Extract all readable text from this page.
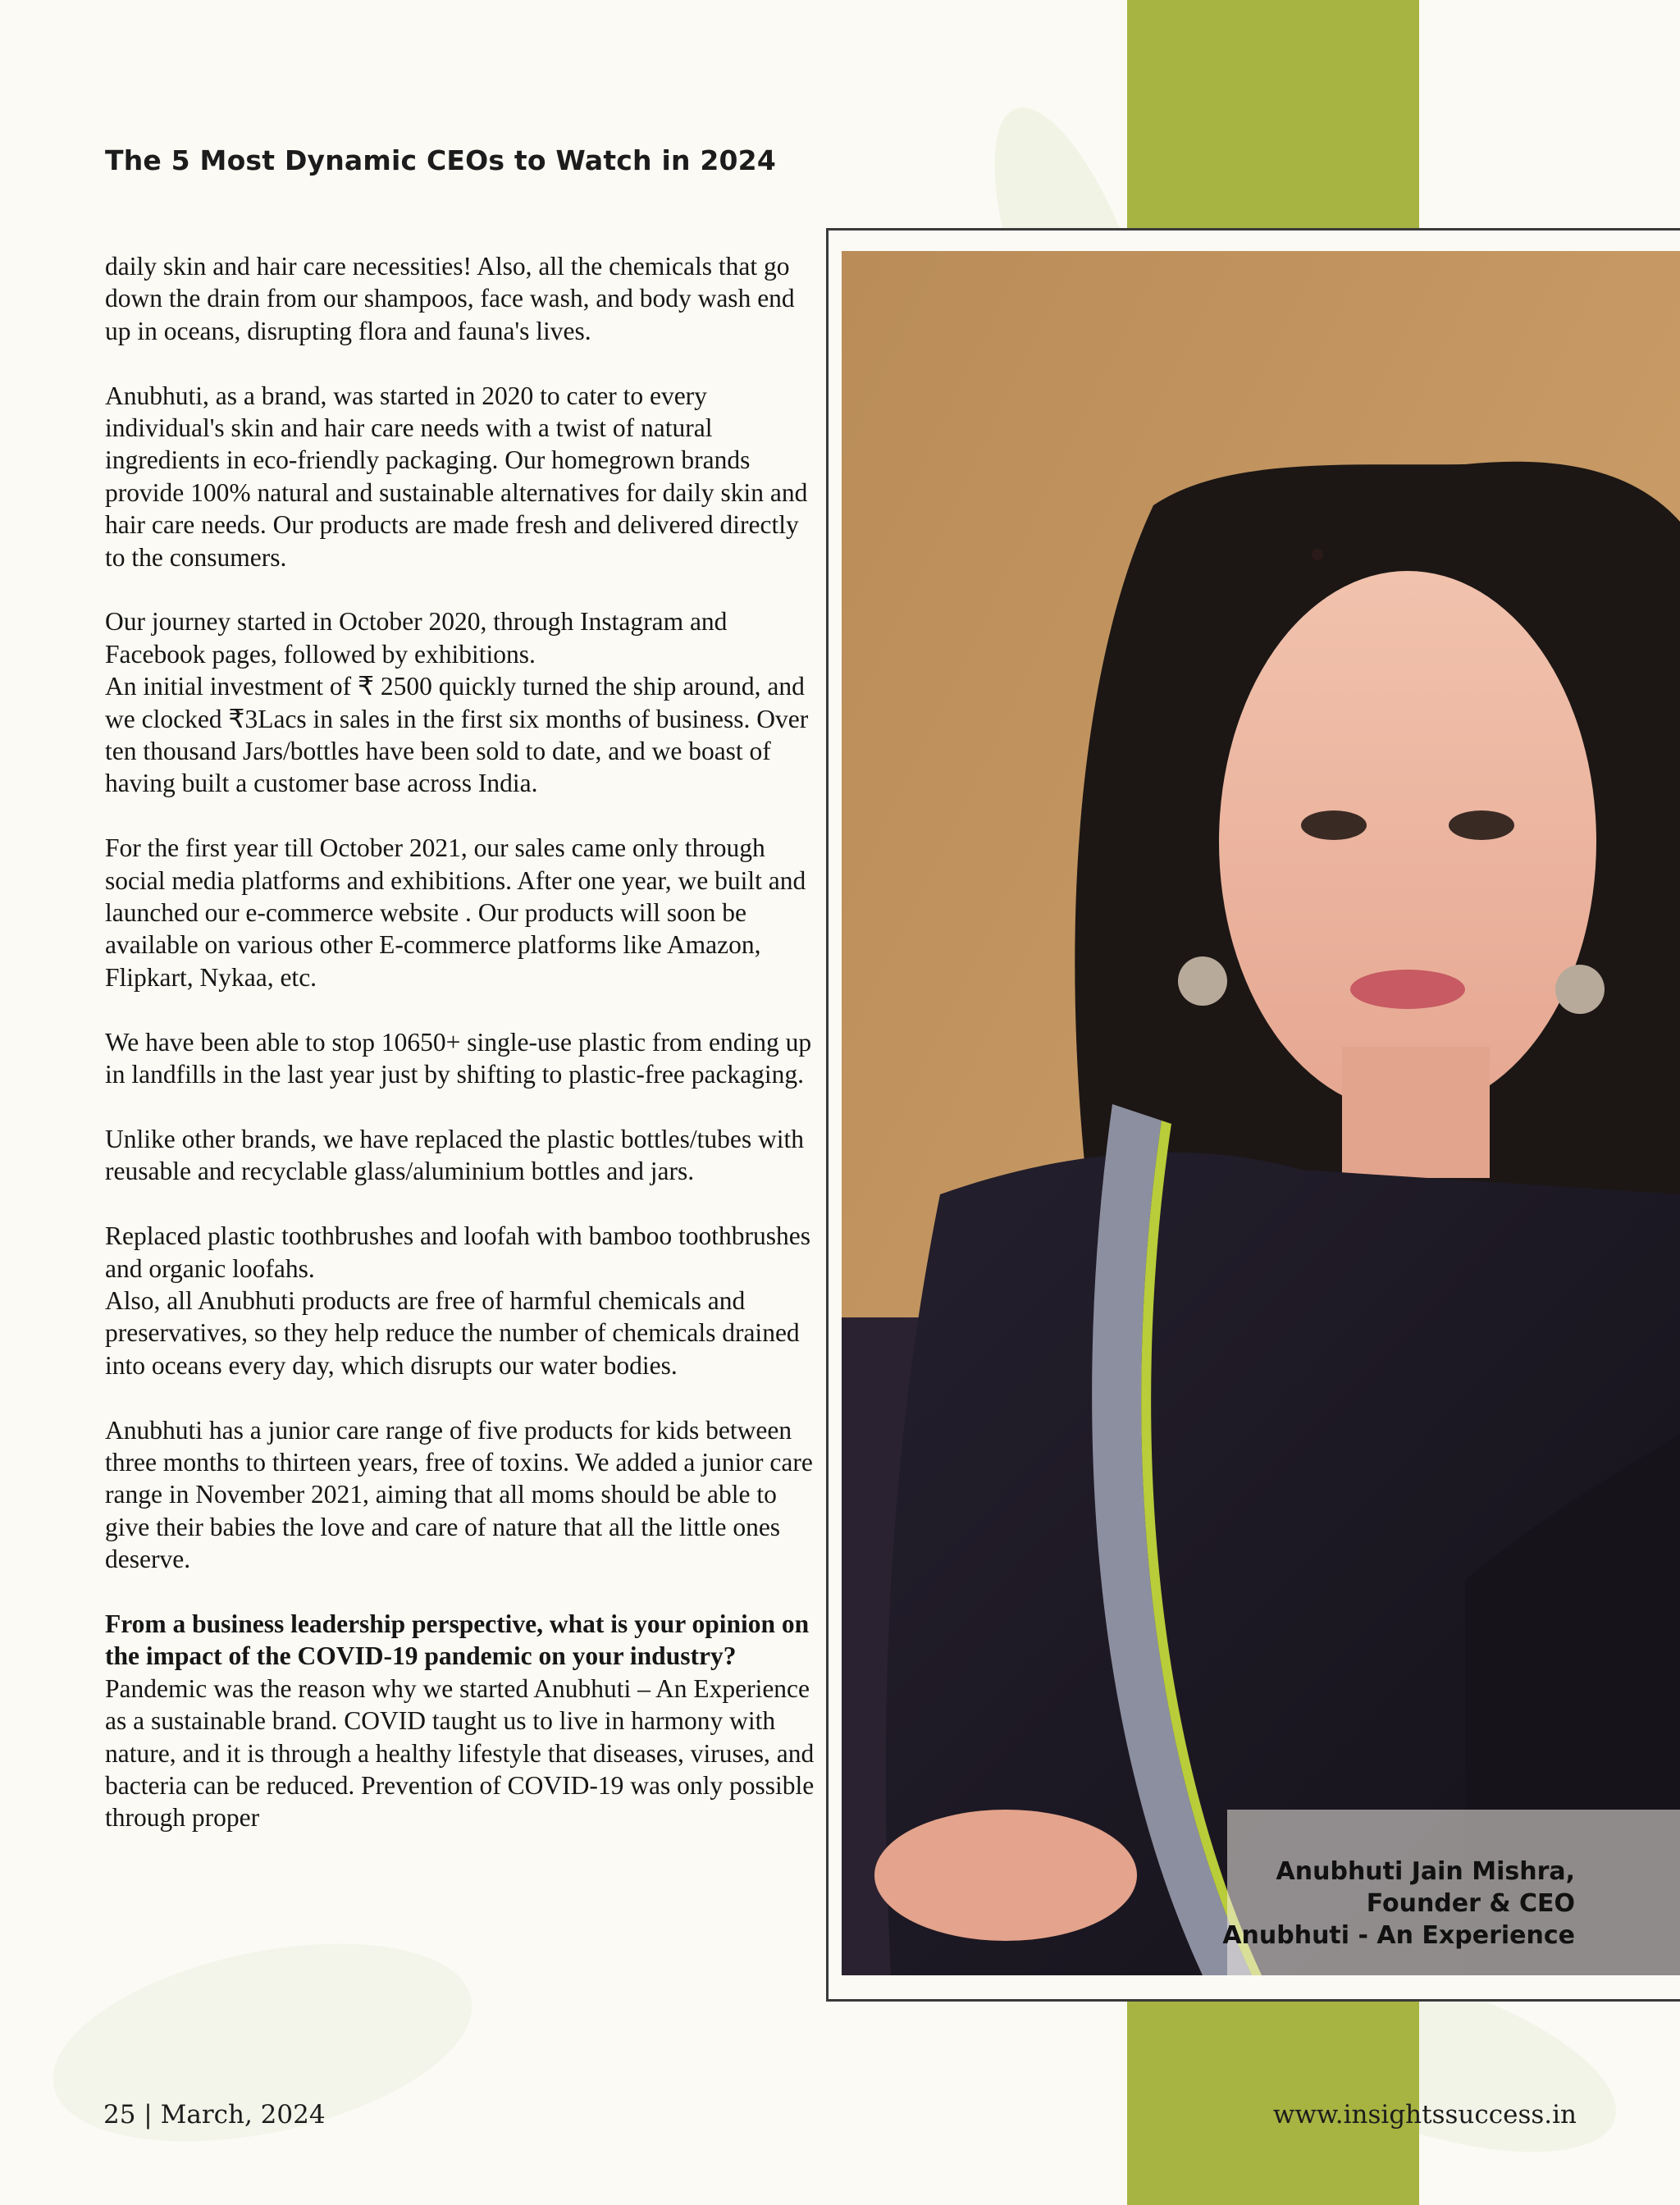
The 5 Most Dynamic CEOs to Watch in 2024

daily skin and hair care necessities! Also, all the chemicals that go down the drain from our shampoos, face wash, and body wash end up in oceans, disrupting flora and fauna's lives.

Anubhuti, as a brand, was started in 2020 to cater to every individual's skin and hair care needs with a twist of natural ingredients in eco-friendly packaging. Our homegrown brands provide 100% natural and sustainable alternatives for daily skin and hair care needs. Our products are made fresh and delivered directly to the consumers.

Our journey started in October 2020, through Instagram and Facebook pages, followed by exhibitions.

An initial investment of ₹ 2500 quickly turned the ship around, and we clocked ₹3Lacs in sales in the first six months of business. Over ten thousand Jars/bottles have been sold to date, and we boast of having built a customer base across India.

For the first year till October 2021, our sales came only through social media platforms and exhibitions. After one year, we built and launched our e-commerce website . Our products will soon be available on various other E-commerce platforms like Amazon, Flipkart, Nykaa, etc.

We have been able to stop 10650+ single-use plastic from ending up in landfills in the last year just by shifting to plastic-free packaging.

Unlike other brands, we have replaced the plastic bottles/tubes with reusable and recyclable glass/aluminium bottles and jars.

Replaced plastic toothbrushes and loofah with bamboo toothbrushes and organic loofahs.

Also, all Anubhuti products are free of harmful chemicals and preservatives, so they help reduce the number of chemicals drained into oceans every day, which disrupts our water bodies.

Anubhuti has a junior care range of five products for kids between three months to thirteen years, free of toxins. We added a junior care range in November 2021, aiming that all moms should be able to give their babies the love and care of nature that all the little ones deserve.

From a business leadership perspective, what is your opinion on the impact of the COVID-19 pandemic on your industry?

Pandemic was the reason why we started Anubhuti – An Experience as a sustainable brand. COVID taught us to live in harmony with nature, and it is through a healthy lifestyle that diseases, viruses, and bacteria can be reduced. Prevention of COVID-19 was only possible through proper

Anubhuti Jain Mishra,
Founder & CEO
Anubhuti - An Experience
25 | March, 2024	www.insightssuccess.in
